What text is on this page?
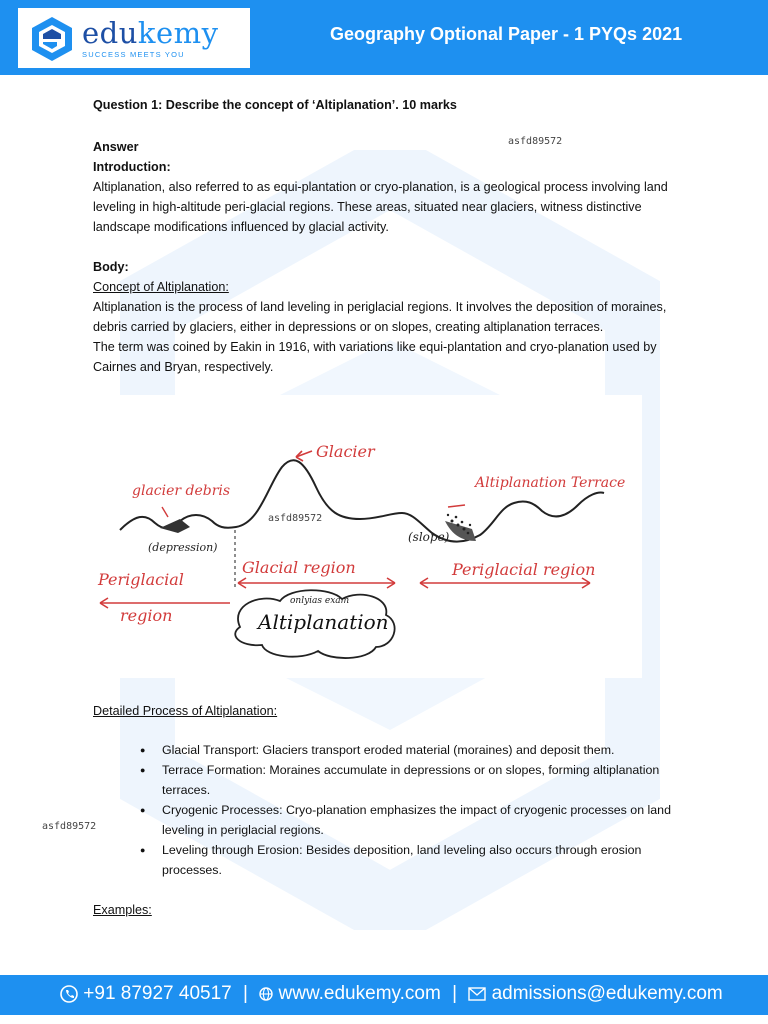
edukemy
SUCCESS MEETS YOU
Geography Optional Paper - 1 PYQs 2021

Question 1: Describe the concept of ‘Altiplanation’. 10 marks

Answer

Introduction:

Altiplanation, also referred to as equi-plantation or cryo-planation, is a geological process involving land leveling in high-altitude peri-glacial regions. These areas, situated near glaciers, witness distinctive landscape modifications influenced by glacial activity.

Body:

Concept of Altiplanation:

Altiplanation is the process of land leveling in periglacial regions. It involves the deposition of moraines, debris carried by glaciers, either in depressions or on slopes, creating altiplanation terraces.

The term was coined by Eakin in 1916, with variations like equi-plantation and cryo-planation used by Cairnes and Bryan, respectively.

asfd89572
Glacier
glacier debris
(depression)
Altiplanation Terrace
(slope)
Periglacial
region
Glacial region	Periglacial region
onlyias exam
Altiplanation
asfd89572
Detailed Process of Altiplanation:
● Glacial Transport: Glaciers transport eroded material (moraines) and deposit them.
● Terrace Formation: Moraines accumulate in depressions or on slopes, forming altiplanation terraces.
● Cryogenic Processes: Cryo-planation emphasizes the impact of cryogenic processes on land leveling in periglacial regions.
● Leveling through Erosion: Besides deposition, land leveling also occurs through erosion processes.
asfd89572
Examples:
+91 87927 40517 | www.edukemy.com | admissions@edukemy.com
